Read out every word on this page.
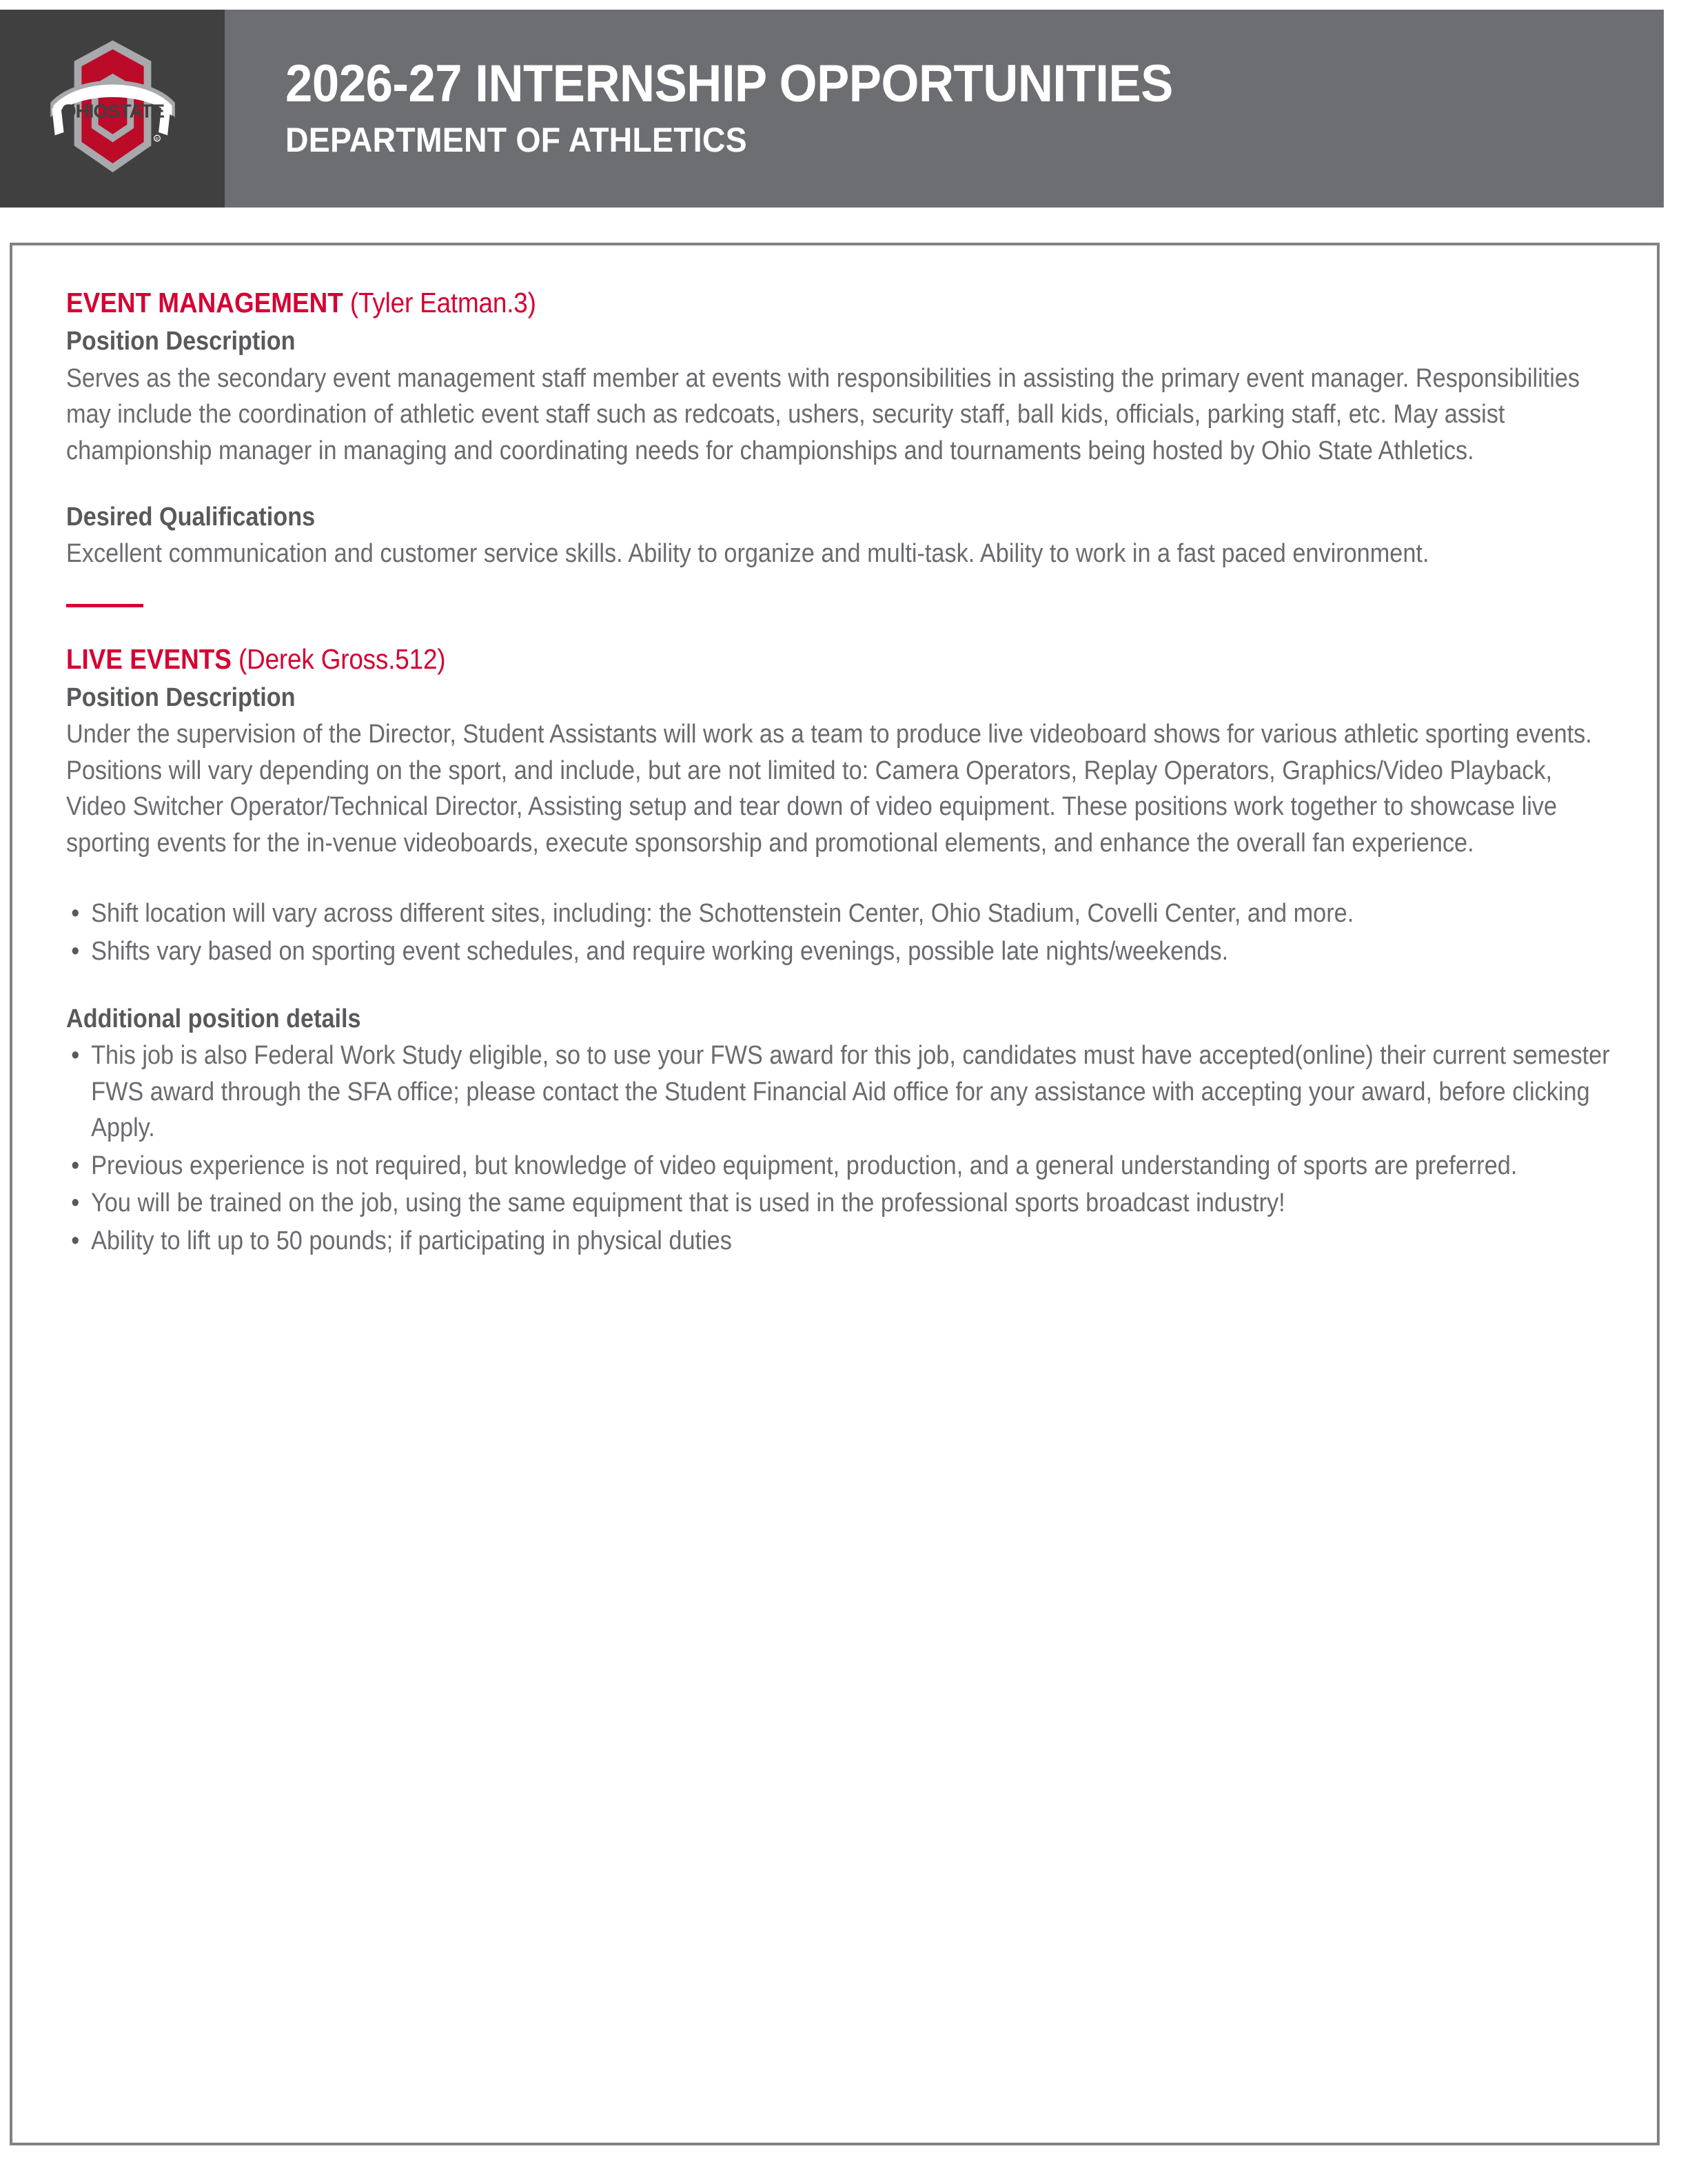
OHIOSTATE
R
2026-27 INTERNSHIP OPPORTUNITIES
DEPARTMENT OF ATHLETICS
EVENT MANAGEMENT (Tyler Eatman.3)
Position Description

Serves as the secondary event management staff member at events with responsibilities in assisting the primary event manager. Responsibilities may include the coordination of athletic event staff such as redcoats, ushers, security staff, ball kids, officials, parking staff, etc. May assist championship manager in managing and coordinating needs for championships and tournaments being hosted by Ohio State Athletics.

Desired Qualifications

Excellent communication and customer service skills. Ability to organize and multi-task. Ability to work in a fast paced environment.

LIVE EVENTS (Derek Gross.512)
Position Description

Under the supervision of the Director, Student Assistants will work as a team to produce live videoboard shows for various athletic sporting events. Positions will vary depending on the sport, and include, but are not limited to: Camera Operators, Replay Operators, Graphics/Video Playback, Video Switcher Operator/Technical Director, Assisting setup and tear down of video equipment. These positions work together to showcase live sporting events for the in-venue videoboards, execute sponsorship and promotional elements, and enhance the overall fan experience.

• Shift location will vary across different sites, including: the Schottenstein Center, Ohio Stadium, Covelli Center, and more.
• Shifts vary based on sporting event schedules, and require working evenings, possible late nights/weekends.
Additional position details
• This job is also Federal Work Study eligible, so to use your FWS award for this job, candidates must have accepted(online) their current semester FWS award through the SFA office; please contact the Student Financial Aid office for any assistance with accepting your award, before clicking Apply.
• Previous experience is not required, but knowledge of video equipment, production, and a general understanding of sports are preferred.
• You will be trained on the job, using the same equipment that is used in the professional sports broadcast industry!
• Ability to lift up to 50 pounds; if participating in physical duties
